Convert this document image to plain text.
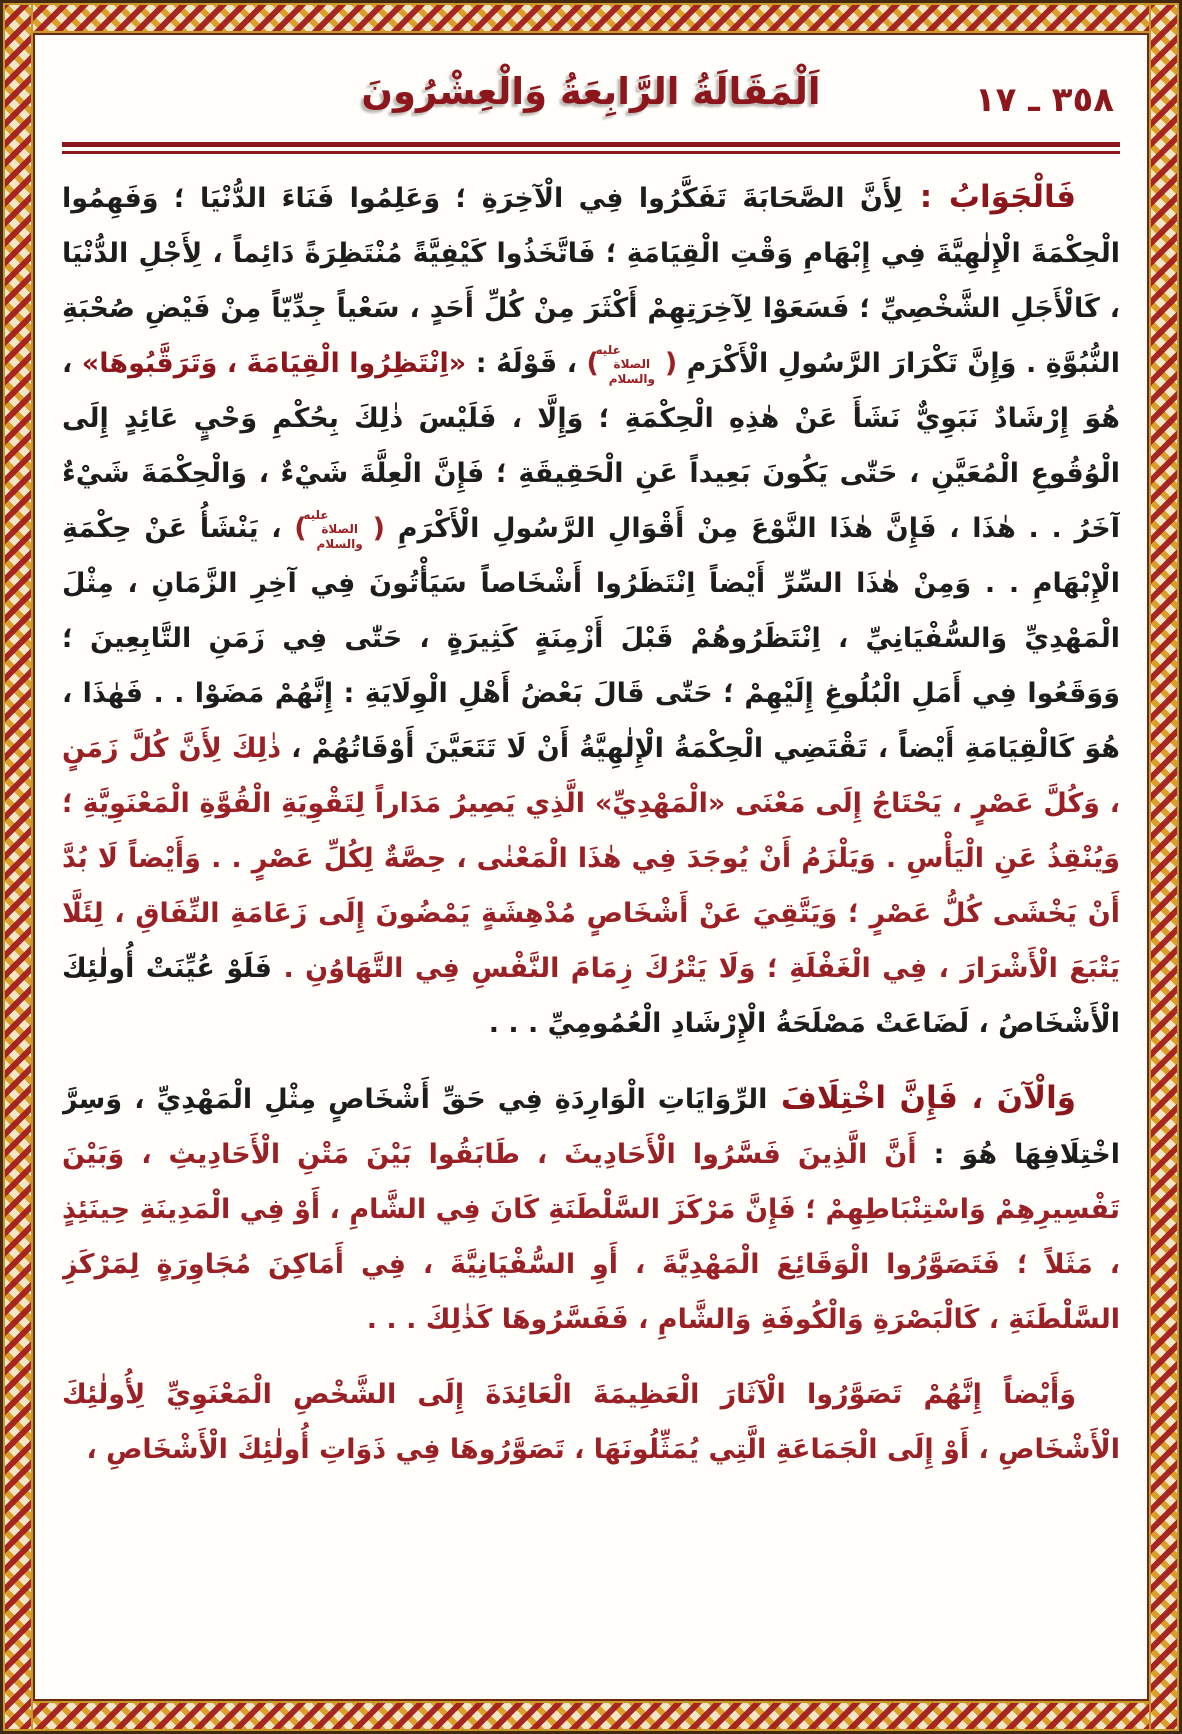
٣٥٨ ـ ١٧
اَلْمَقَالَةُ الرَّابِعَةُ وَالْعِشْرُونَ

فَالْجَوَابُ : لِأَنَّ الصَّحَابَةَ تَفَكَّرُوا فِي الْآخِرَةِ ؛ وَعَلِمُوا فَنَاءَ الدُّنْيَا ؛ وَفَهِمُوا الْحِكْمَةَ الْإِلٰهِيَّةَ فِي إِبْهَامِ وَقْتِ الْقِيَامَةِ ؛ فَاتَّخَذُوا كَيْفِيَّةً مُنْتَظِرَةً دَائِماً ، لِأَجْلِ الدُّنْيَا ، كَالْأَجَلِ الشَّخْصِيِّ ؛ فَسَعَوْا لِآخِرَتِهِمْ أَكْثَرَ مِنْ كُلِّ أَحَدٍ ، سَعْياً جِدِّيّاً مِنْ فَيْضِ صُحْبَةِ النُّبُوَّةِ . وَإِنَّ تَكْرَارَ الرَّسُولِ الْأَكْرَمِ (عليه الصلاة والسلام) ، قَوْلَهُ : «اِنْتَظِرُوا الْقِيَامَةَ ، وَتَرَقَّبُوهَا» ، هُوَ إِرْشَادٌ نَبَوِيٌّ نَشَأَ عَنْ هٰذِهِ الْحِكْمَةِ ؛ وَإِلَّا ، فَلَيْسَ ذٰلِكَ بِحُكْمِ وَحْيٍ عَائِدٍ إِلَى الْوُقُوعِ الْمُعَيَّنِ ، حَتّٰى يَكُونَ بَعِيداً عَنِ الْحَقِيقَةِ ؛ فَإِنَّ الْعِلَّةَ شَيْءٌ ، وَالْحِكْمَةَ شَيْءٌ آخَرُ . . هٰذَا ، فَإِنَّ هٰذَا النَّوْعَ مِنْ أَقْوَالِ الرَّسُولِ الْأَكْرَمِ (عليه الصلاة والسلام) ، يَنْشَأُ عَنْ حِكْمَةِ الْإِبْهَامِ . . وَمِنْ هٰذَا السِّرِّ أَيْضاً اِنْتَظَرُوا أَشْخَاصاً سَيَأْتُونَ فِي آخِرِ الزَّمَانِ ، مِثْلَ الْمَهْدِيِّ وَالسُّفْيَانِيِّ ، اِنْتَظَرُوهُمْ قَبْلَ أَزْمِنَةٍ كَثِيرَةٍ ، حَتّٰى فِي زَمَنِ التَّابِعِينَ ؛ وَوَقَعُوا فِي أَمَلِ الْبُلُوغِ إِلَيْهِمْ ؛ حَتّٰى قَالَ بَعْضُ أَهْلِ الْوِلَايَةِ : إِنَّهُمْ مَضَوْا . . فَهٰذَا ، هُوَ كَالْقِيَامَةِ أَيْضاً ، تَقْتَضِي الْحِكْمَةُ الْإِلٰهِيَّةُ أَنْ لَا تَتَعَيَّنَ أَوْقَاتُهُمْ ، ذٰلِكَ لِأَنَّ كُلَّ زَمَنٍ ، وَكُلَّ عَصْرٍ ، يَحْتَاجُ إِلَى مَعْنَى «الْمَهْدِيِّ» الَّذِي يَصِيرُ مَدَاراً لِتَقْوِيَةِ الْقُوَّةِ الْمَعْنَوِيَّةِ ؛ وَيُنْقِذُ عَنِ الْيَأْسِ . وَيَلْزَمُ أَنْ يُوجَدَ فِي هٰذَا الْمَعْنٰى ، حِصَّةٌ لِكُلِّ عَصْرٍ . . وَأَيْضاً لَا بُدَّ أَنْ يَخْشَى كُلُّ عَصْرٍ ؛ وَيَتَّقِيَ عَنْ أَشْخَاصٍ مُدْهِشَةٍ يَمْضُونَ إِلَى زَعَامَةِ النِّفَاقِ ، لِئَلَّا يَتْبَعَ الْأَشْرَارَ ، فِي الْغَفْلَةِ ؛ وَلَا يَتْرُكَ زِمَامَ النَّفْسِ فِي التَّهَاوُنِ . فَلَوْ عُيِّنَتْ أُولٰئِكَ الْأَشْخَاصُ ، لَضَاعَتْ مَصْلَحَةُ الْإِرْشَادِ الْعُمُومِيِّ . . .

وَالْآنَ ، فَإِنَّ اخْتِلَافَ الرِّوَايَاتِ الْوَارِدَةِ فِي حَقِّ أَشْخَاصٍ مِثْلِ الْمَهْدِيِّ ، وَسِرَّ اخْتِلَافِهَا هُوَ : أَنَّ الَّذِينَ فَسَّرُوا الْأَحَادِيثَ ، طَابَقُوا بَيْنَ مَتْنِ الْأَحَادِيثِ ، وَبَيْنَ تَفْسِيرِهِمْ وَاسْتِنْبَاطِهِمْ ؛ فَإِنَّ مَرْكَزَ السَّلْطَنَةِ كَانَ فِي الشَّامِ ، أَوْ فِي الْمَدِينَةِ حِينَئِذٍ ، مَثَلاً ؛ فَتَصَوَّرُوا الْوَقَائِعَ الْمَهْدِيَّةَ ، أَوِ السُّفْيَانِيَّةَ ، فِي أَمَاكِنَ مُجَاوِرَةٍ لِمَرْكَزِ السَّلْطَنَةِ ، كَالْبَصْرَةِ وَالْكُوفَةِ وَالشَّامِ ، فَفَسَّرُوهَا كَذٰلِكَ . . .

وَأَيْضاً إِنَّهُمْ تَصَوَّرُوا الْآثَارَ الْعَظِيمَةَ الْعَائِدَةَ إِلَى الشَّخْصِ الْمَعْنَوِيِّ لِأُولٰئِكَ الْأَشْخَاصِ ، أَوْ إِلَى الْجَمَاعَةِ الَّتِي يُمَثِّلُونَهَا ، تَصَوَّرُوهَا فِي ذَوَاتِ أُولٰئِكَ الْأَشْخَاصِ ،
